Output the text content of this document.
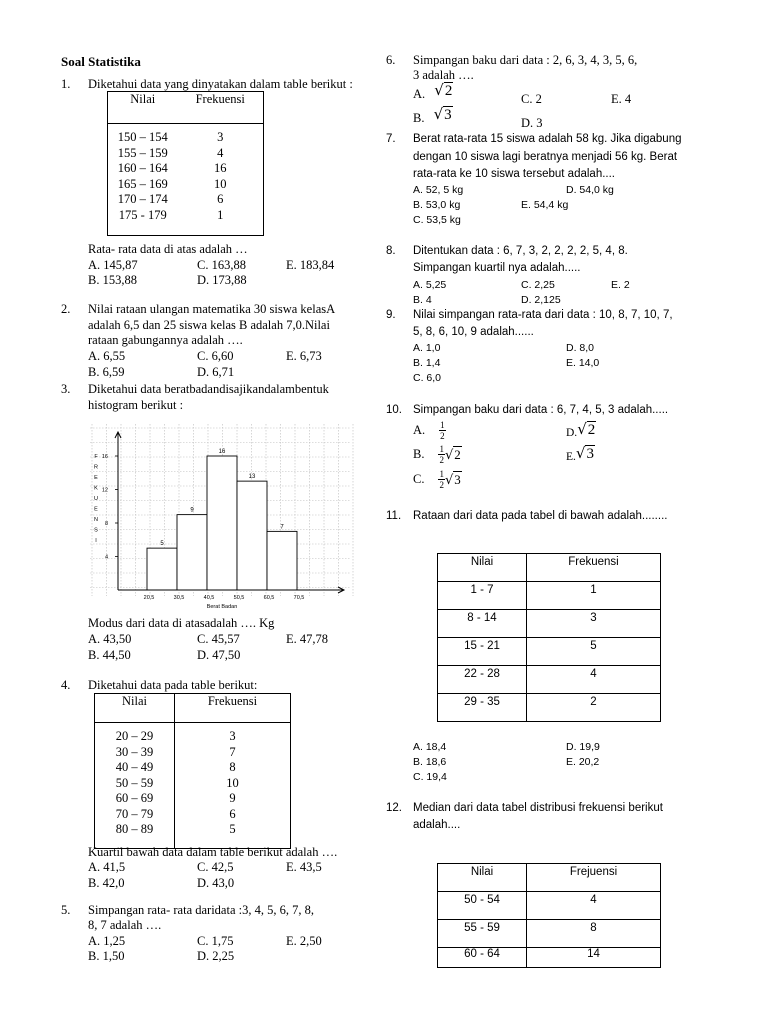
Soal Statistika
1. Diketahui data yang dinyatakan dalam table berikut :
Nilai	Frekuensi
150 – 154	3
155 – 159	4
160 – 164	16
165 – 169	10
170 – 174	6
175 - 179	1
Rata- rata data di atas adalah …
A. 145,87	C. 163,88	E. 183,84
B. 153,88	D. 173,88
2. Nilai rataan ulangan matematika 30 siswa kelasA
adalah 6,5 dan 25 siswa kelas B adalah 7,0.Nilai
rataan gabungannya adalah ….
A. 6,55	C. 6,60	E. 6,73
B. 6,59	D. 6,71
3. Diketahui data beratbadandisajikandalambentuk
histogram berikut :
5
9
16
13
7
4
8
12
16
F
R
E
K
U
E
N
S
I
20,5	30,5	40,5	50,5	60,5	70,5
Berat Badan
Modus dari data di atasadalah …. Kg
A. 43,50	C. 45,57	E. 47,78
B. 44,50	D. 47,50
4. Diketahui data pada table berikut:
Nilai	Frekuensi
20 – 29	3
30 – 39	7
40 – 49	8
50 – 59	10
60 – 69	9
70 – 79	6
80 – 89	5
Kuartil bawah data dalam table berikut adalah ….
A. 41,5	C. 42,5	E. 43,5
B. 42,0	D. 43,0
5. Simpangan rata- rata daridata :3, 4, 5, 6, 7, 8,
8, 7 adalah ….
A. 1,25	C. 1,75	E. 2,50
B. 1,50	D. 2,25
6. Simpangan baku dari data : 2, 6, 3, 4, 3, 5, 6,
3 adalah ….
A. √2	C. 2	E. 4
B. √3	D. 3
7. Berat rata-rata 15 siswa adalah 58 kg. Jika digabung
dengan 10 siswa lagi beratnya menjadi 56 kg. Berat
rata-rata ke 10 siswa tersebut adalah....
A. 52, 5 kg	D. 54,0 kg
B. 53,0 kg	E. 54,4 kg
C. 53,5 kg
8. Ditentukan data : 6, 7, 3, 2, 2, 2, 2, 5, 4, 8.
Simpangan kuartil nya adalah.....
A. 5,25	C. 2,25	E. 2
B. 4	D. 2,125
9. Nilai simpangan rata-rata dari data : 10, 8, 7, 10, 7,
5, 8, 6, 10, 9 adalah......
A. 1,0	D. 8,0
B. 1,4	E. 14,0
C. 6,0
10. Simpangan baku dari data : 6, 7, 4, 5, 3 adalah.....
A. $\frac{1}{2}$
B. $\frac{1}{2} √2$
C. $\frac{1}{2} √3$
D. √2
E. √3
11. Rataan dari data pada tabel di bawah adalah........
Nilai	Frekuensi
1 - 7	1
8 - 14	3
15 - 21	5
22 - 28	4
29 - 35	2
A. 18,4	D. 19,9
B. 18,6	E. 20,2
C. 19,4
12. Median dari data tabel distribusi frekuensi berikut
adalah....
Nilai	Frejuensi
50 - 54	4
55 - 59	8
60 - 64	14
